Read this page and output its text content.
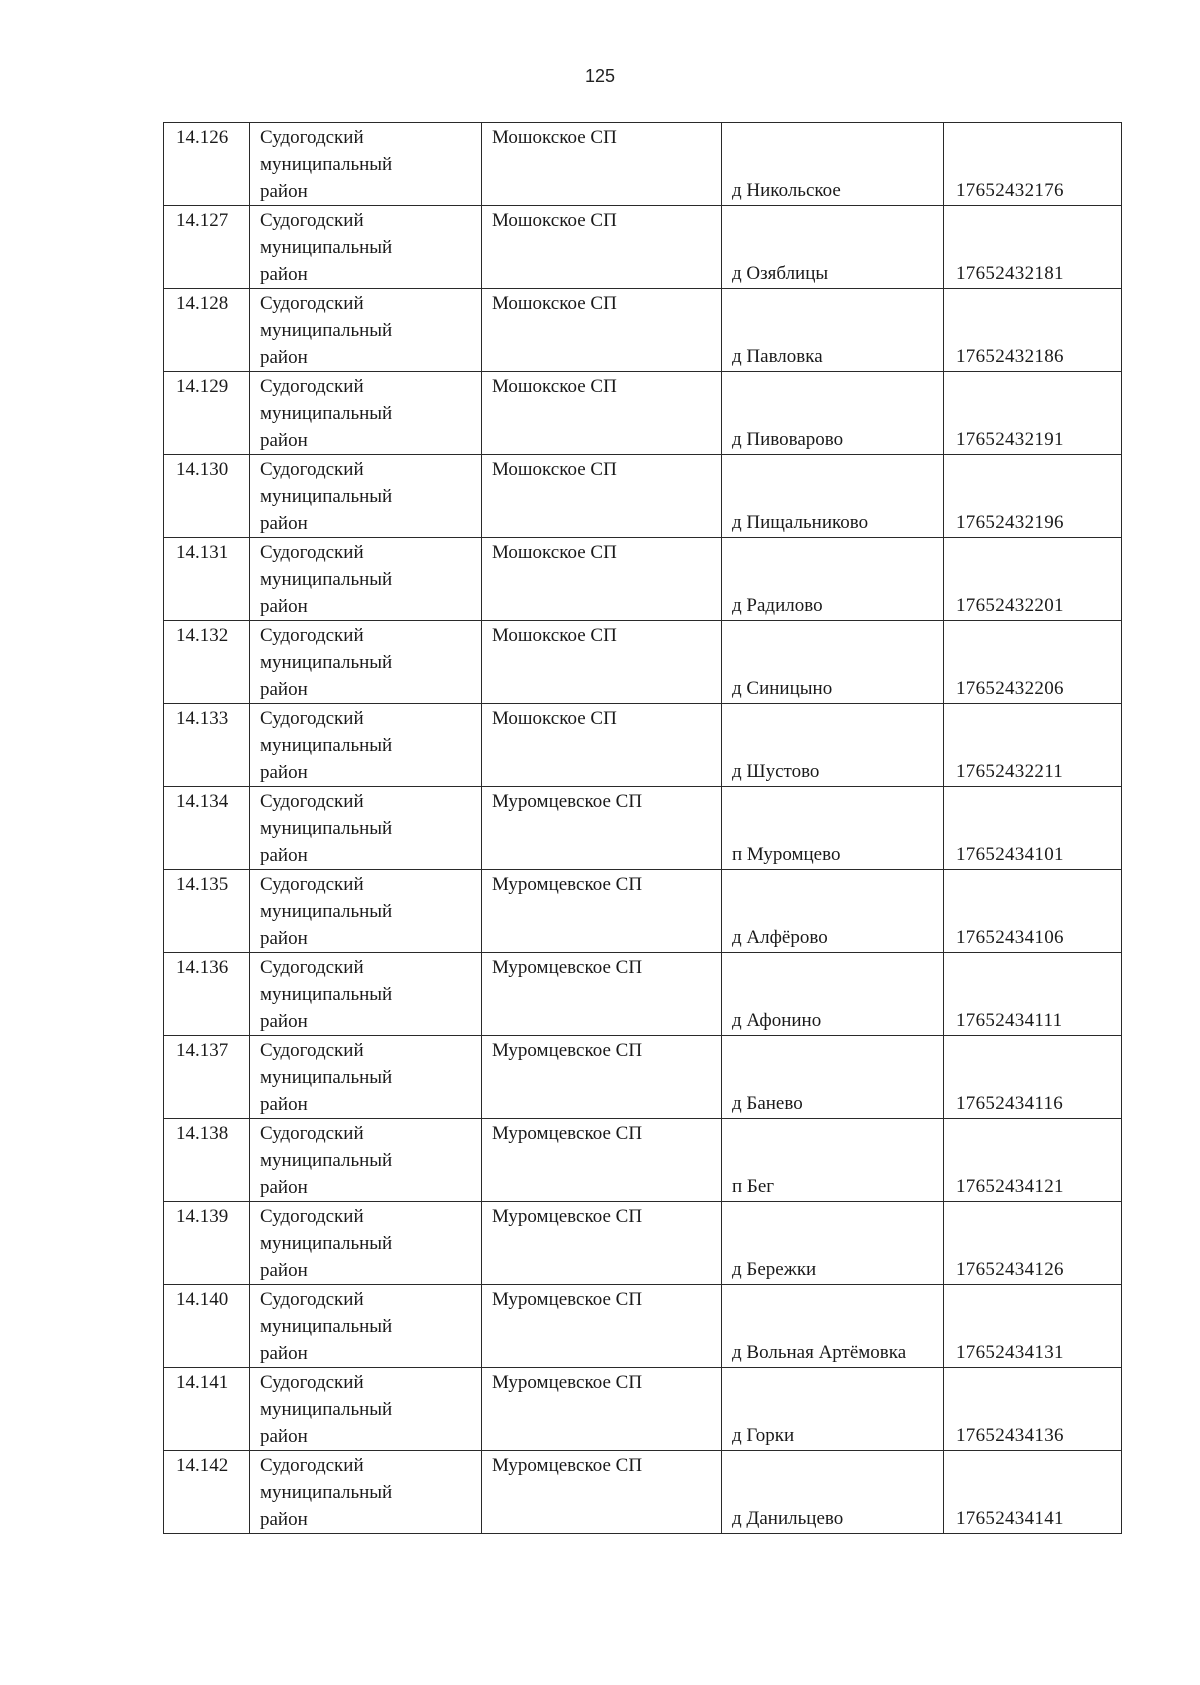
125
14.126	Судогодский
муниципальный
район	Мошокское СП	д Никольское	17652432176
14.127	Судогодский
муниципальный
район	Мошокское СП	д Озяблицы	17652432181
14.128	Судогодский
муниципальный
район	Мошокское СП	д Павловка	17652432186
14.129	Судогодский
муниципальный
район	Мошокское СП	д Пивоварово	17652432191
14.130	Судогодский
муниципальный
район	Мошокское СП	д Пищальниково	17652432196
14.131	Судогодский
муниципальный
район	Мошокское СП	д Радилово	17652432201
14.132	Судогодский
муниципальный
район	Мошокское СП	д Синицыно	17652432206
14.133	Судогодский
муниципальный
район	Мошокское СП	д Шустово	17652432211
14.134	Судогодский
муниципальный
район	Муромцевское СП	п Муромцево	17652434101
14.135	Судогодский
муниципальный
район	Муромцевское СП	д Алфёрово	17652434106
14.136	Судогодский
муниципальный
район	Муромцевское СП	д Афонино	17652434111
14.137	Судогодский
муниципальный
район	Муромцевское СП	д Банево	17652434116
14.138	Судогодский
муниципальный
район	Муромцевское СП	п Бег	17652434121
14.139	Судогодский
муниципальный
район	Муромцевское СП	д Бережки	17652434126
14.140	Судогодский
муниципальный
район	Муромцевское СП	д Вольная Артёмовка	17652434131
14.141	Судогодский
муниципальный
район	Муромцевское СП	д Горки	17652434136
14.142	Судогодский
муниципальный
район	Муромцевское СП	д Данильцево	17652434141
